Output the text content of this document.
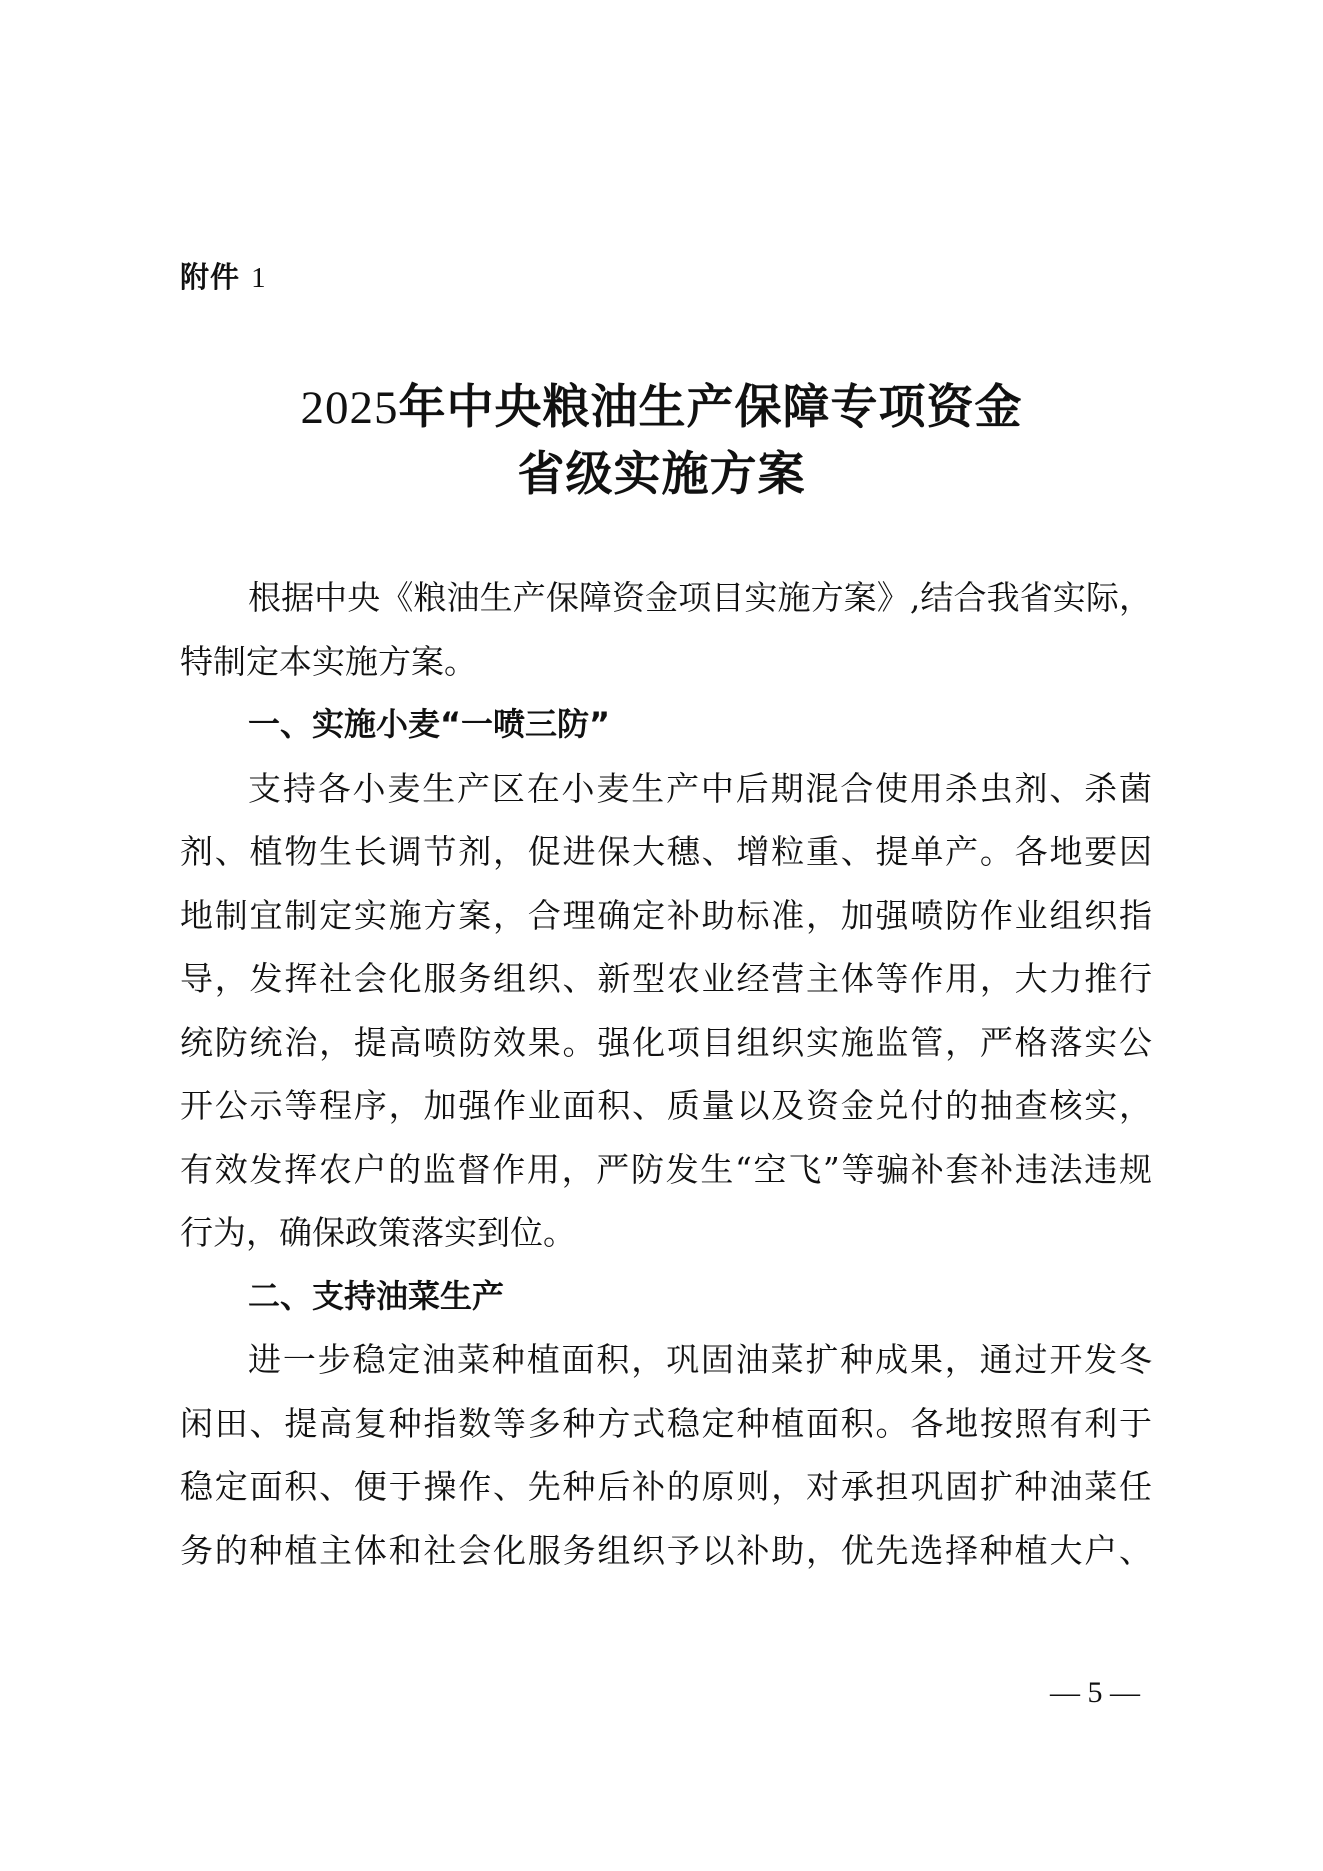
附件 1
2025年中央粮油生产保障专项资金
省级实施方案
根据中央《粮油生产保障资金项目实施方案》,结合我省实际，
特制定本实施方案。
一、实施小麦“一喷三防”
支持各小麦生产区在小麦生产中后期混合使用杀虫剂、杀菌
剂、植物生长调节剂，促进保大穗、增粒重、提单产。各地要因
地制宜制定实施方案，合理确定补助标准，加强喷防作业组织指
导，发挥社会化服务组织、新型农业经营主体等作用，大力推行
统防统治，提高喷防效果。强化项目组织实施监管，严格落实公
开公示等程序，加强作业面积、质量以及资金兑付的抽查核实，
有效发挥农户的监督作用，严防发生“空飞”等骗补套补违法违规
行为，确保政策落实到位。
二、支持油菜生产
进一步稳定油菜种植面积，巩固油菜扩种成果，通过开发冬
闲田、提高复种指数等多种方式稳定种植面积。各地按照有利于
稳定面积、便于操作、先种后补的原则，对承担巩固扩种油菜任
务的种植主体和社会化服务组织予以补助，优先选择种植大户、
— 5 —
